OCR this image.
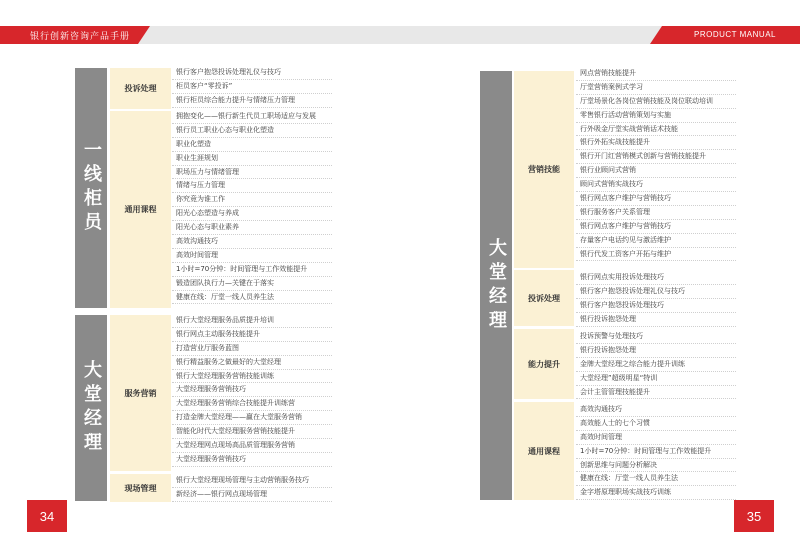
银行创新咨询产品手册	PRODUCT MANUAL
一线柜员
大堂经理
投诉处理
通用课程
服务营销
现场管理
银行客户抱怨投诉处理礼仪与技巧
柜员客户“零投诉”
银行柜员综合能力提升与情绪压力管理
拥抱变化——银行新生代员工职场适应与发展
银行员工职业心态与职业化塑造
职业化塑造
职业生涯规划
职场压力与情绪管理
情绪与压力管理
你究竟为谁工作
阳光心态塑造与养成
阳光心态与职业素养
高效沟通技巧
高效时间管理
1小时=70分钟：时间管理与工作效能提升
锻造团队执行力—关键在于落实
健康在线：厅堂一线人员养生法
银行大堂经理服务品质提升培训
银行网点主动服务技能提升
打造营业厅服务蓝图
银行精益服务之做最好的大堂经理
银行大堂经理服务营销技能训练
大堂经理服务营销技巧
大堂经理服务营销综合技能提升训练营
打造金牌大堂经理——赢在大堂服务营销
智能化时代大堂经理服务营销技能提升
大堂经理网点现场高品质管理服务营销
大堂经理服务营销技巧
银行大堂经理现场管理与主动营销服务技巧
新经济——银行网点现场管理
34
大堂经理
营销技能
投诉处理
能力提升
通用课程
网点营销技能提升
厅堂营销案例式学习
厅堂场景化各岗位营销技能及岗位联动培训
零售银行活动营销策划与实施
行外吸金厅堂实战营销话术技能
银行外拓实战技能提升
银行开门红营销模式创新与营销技能提升
银行业顾问式营销
顾问式营销实战技巧
银行网点客户维护与营销技巧
银行服务客户关系管理
银行网点客户维护与营销技巧
存量客户电话约见与激活维护
银行代发工资客户开拓与维护
银行网点实用投诉处理技巧
银行客户抱怨投诉处理礼仪与技巧
银行客户抱怨投诉处理技巧
银行投诉抱怨处理
投诉预警与处理技巧
银行投诉抱怨处理
金牌大堂经理之综合能力提升训练
大堂经理”超级明星“特训
会计主管管理技能提升
高效沟通技巧
高效能人士的七个习惯
高效时间管理
1小时=70分钟：时间管理与工作效能提升
创新思维与问题分析解决
健康在线：厅堂一线人员养生法
金字塔原理职场实战技巧训练
35
